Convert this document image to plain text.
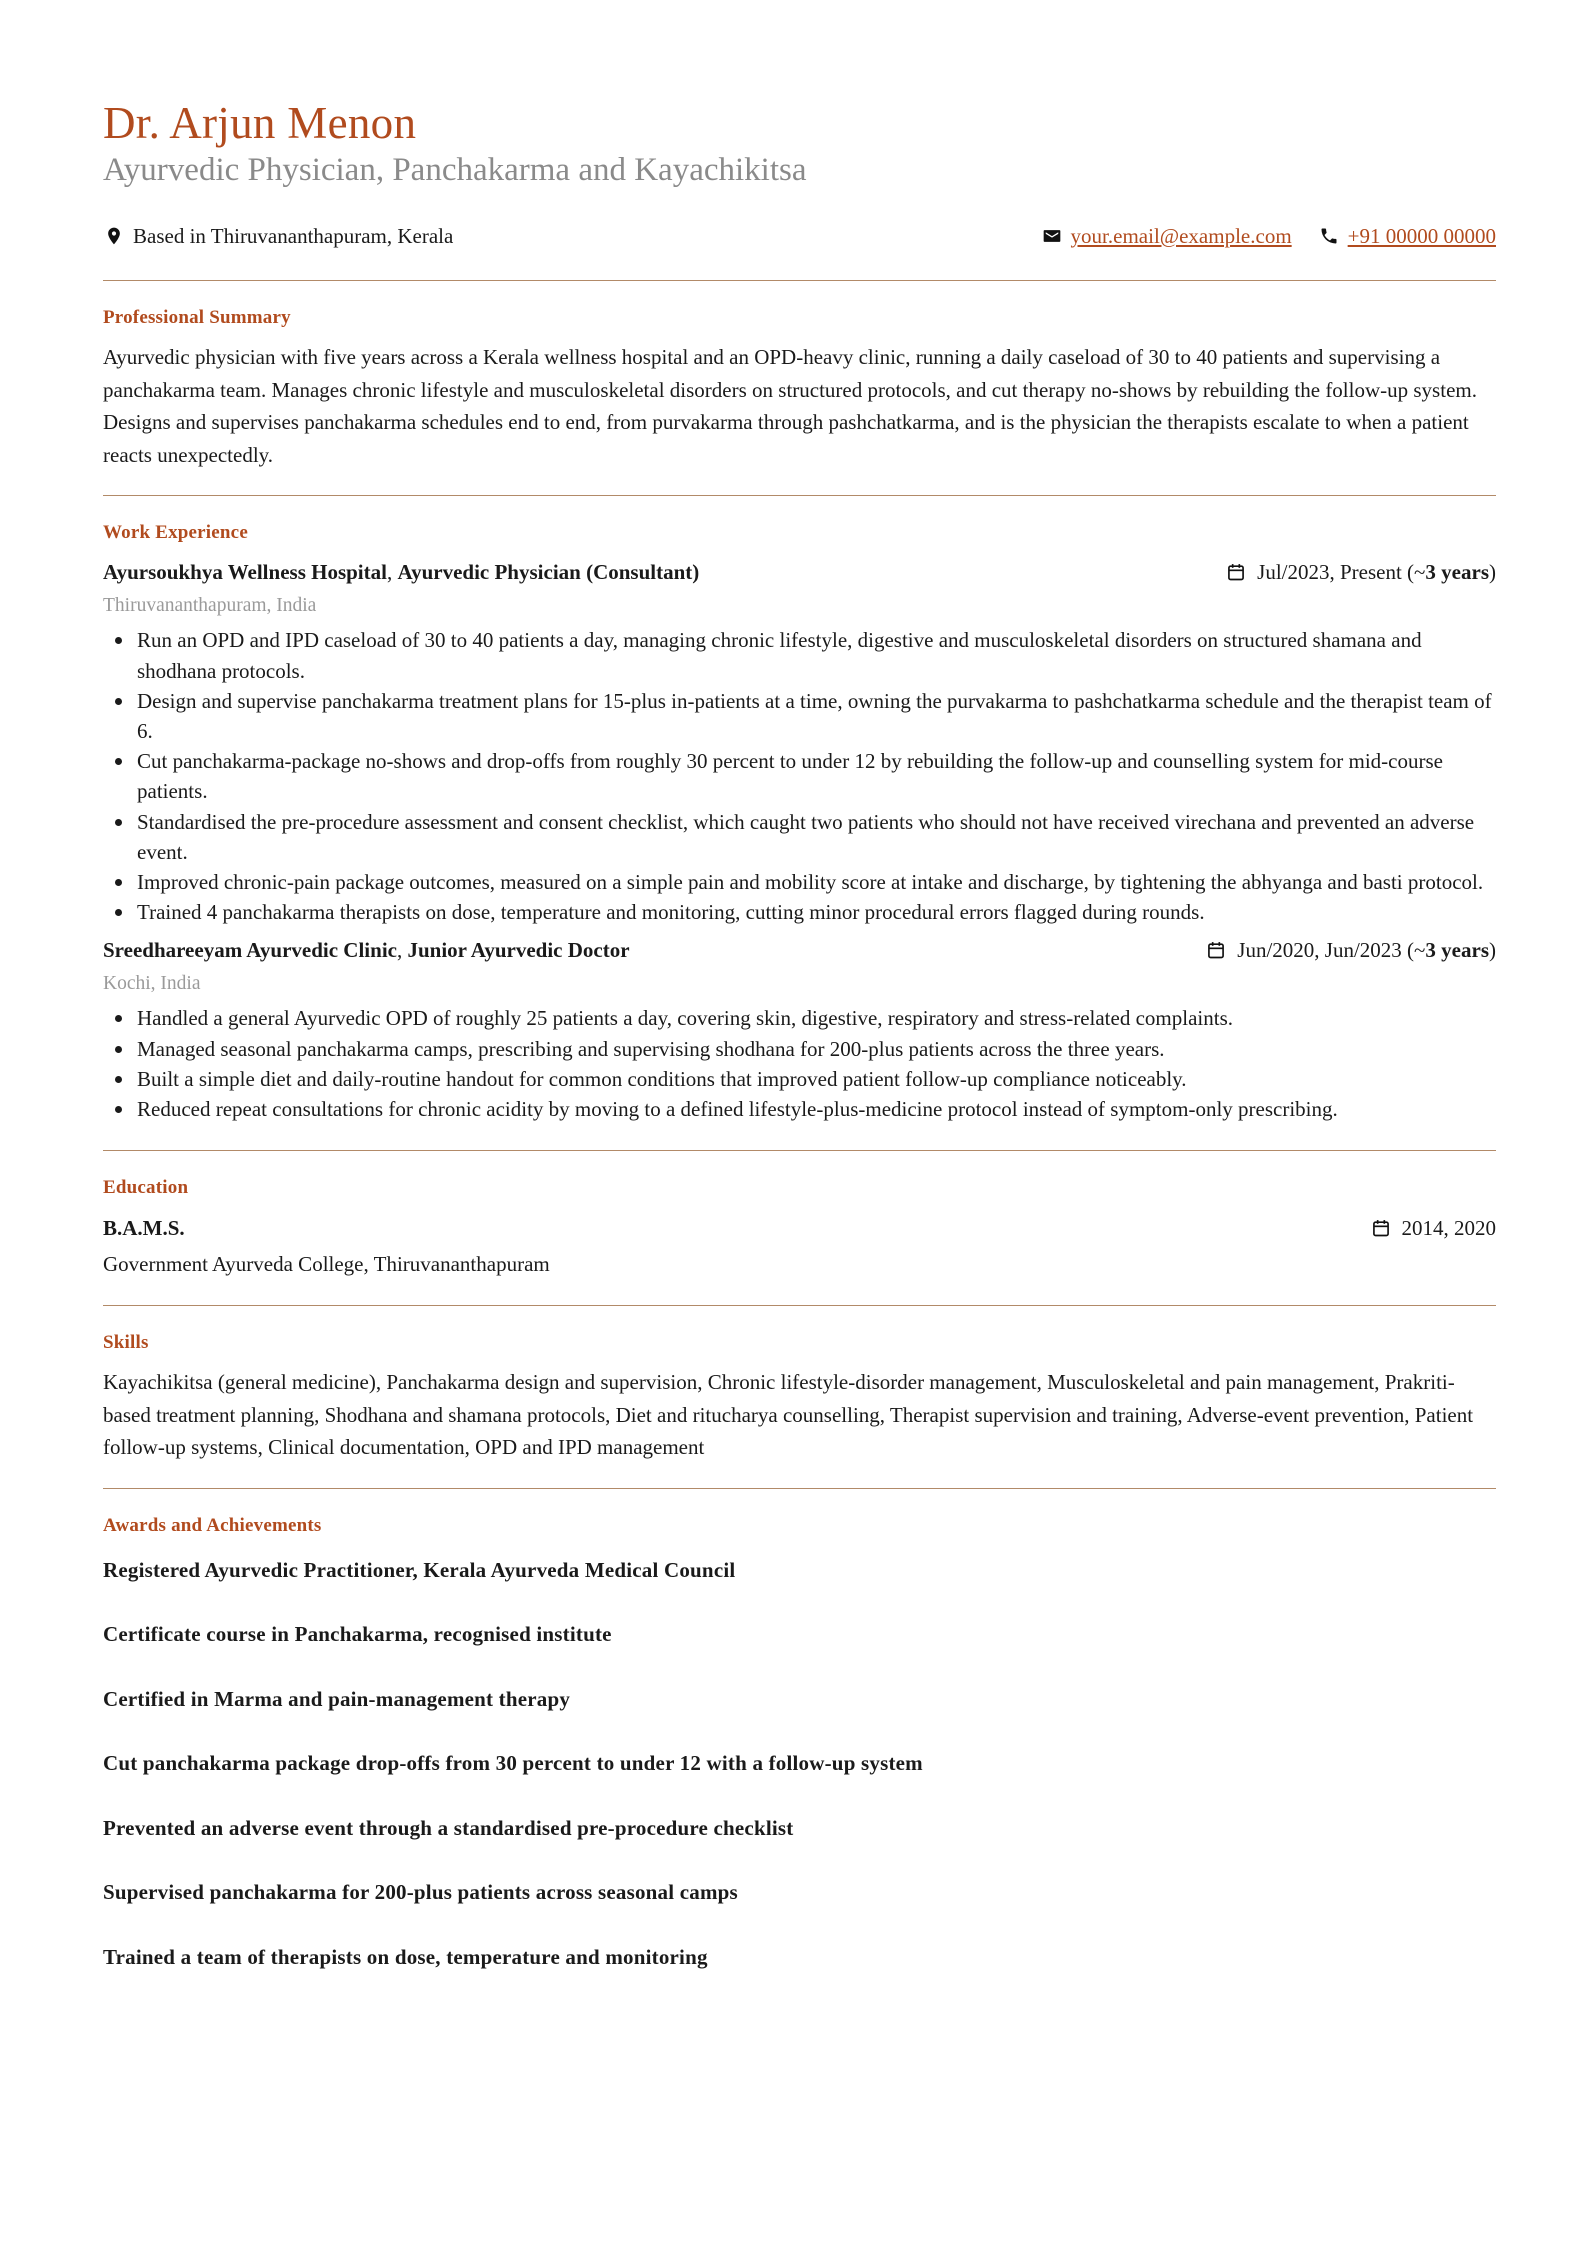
Dr. Arjun Menon
Ayurvedic Physician, Panchakarma and Kayachikitsa
Based in Thiruvananthapuram, Kerala	your.email@example.com	+91 00000 00000
Professional Summary

Ayurvedic physician with five years across a Kerala wellness hospital and an OPD-heavy clinic, running a daily caseload of 30 to 40 patients and supervising a panchakarma team. Manages chronic lifestyle and musculoskeletal disorders on structured protocols, and cut therapy no-shows by rebuilding the follow-up system. Designs and supervises panchakarma schedules end to end, from purvakarma through pashchatkarma, and is the physician the therapists escalate to when a patient reacts unexpectedly.

Work Experience
Ayursoukhya Wellness Hospital, Ayurvedic Physician (Consultant)	Jul/2023, Present (~ 3 years )
Thiruvananthapuram, India
Run an OPD and IPD caseload of 30 to 40 patients a day, managing chronic lifestyle, digestive and musculoskeletal disorders on structured shamana and shodhana protocols.
Design and supervise panchakarma treatment plans for 15-plus in-patients at a time, owning the purvakarma to pashchatkarma schedule and the therapist team of 6.
Cut panchakarma-package no-shows and drop-offs from roughly 30 percent to under 12 by rebuilding the follow-up and counselling system for mid-course patients.
Standardised the pre-procedure assessment and consent checklist, which caught two patients who should not have received virechana and prevented an adverse event.
Improved chronic-pain package outcomes, measured on a simple pain and mobility score at intake and discharge, by tightening the abhyanga and basti protocol.
Trained 4 panchakarma therapists on dose, temperature and monitoring, cutting minor procedural errors flagged during rounds.
Sreedhareeyam Ayurvedic Clinic, Junior Ayurvedic Doctor	Jun/2020, Jun/2023 (~ 3 years )
Kochi, India
Handled a general Ayurvedic OPD of roughly 25 patients a day, covering skin, digestive, respiratory and stress-related complaints.
Managed seasonal panchakarma camps, prescribing and supervising shodhana for 200-plus patients across the three years.
Built a simple diet and daily-routine handout for common conditions that improved patient follow-up compliance noticeably.
Reduced repeat consultations for chronic acidity by moving to a defined lifestyle-plus-medicine protocol instead of symptom-only prescribing.
Education
B.A.M.S.	2014, 2020
Government Ayurveda College, Thiruvananthapuram
Skills

Kayachikitsa (general medicine), Panchakarma design and supervision, Chronic lifestyle-disorder management, Musculoskeletal and pain management, Prakriti-based treatment planning, Shodhana and shamana protocols, Diet and ritucharya counselling, Therapist supervision and training, Adverse-event prevention, Patient follow-up systems, Clinical documentation, OPD and IPD management

Awards and Achievements
Registered Ayurvedic Practitioner, Kerala Ayurveda Medical Council
Certificate course in Panchakarma, recognised institute
Certified in Marma and pain-management therapy
Cut panchakarma package drop-offs from 30 percent to under 12 with a follow-up system
Prevented an adverse event through a standardised pre-procedure checklist
Supervised panchakarma for 200-plus patients across seasonal camps
Trained a team of therapists on dose, temperature and monitoring
